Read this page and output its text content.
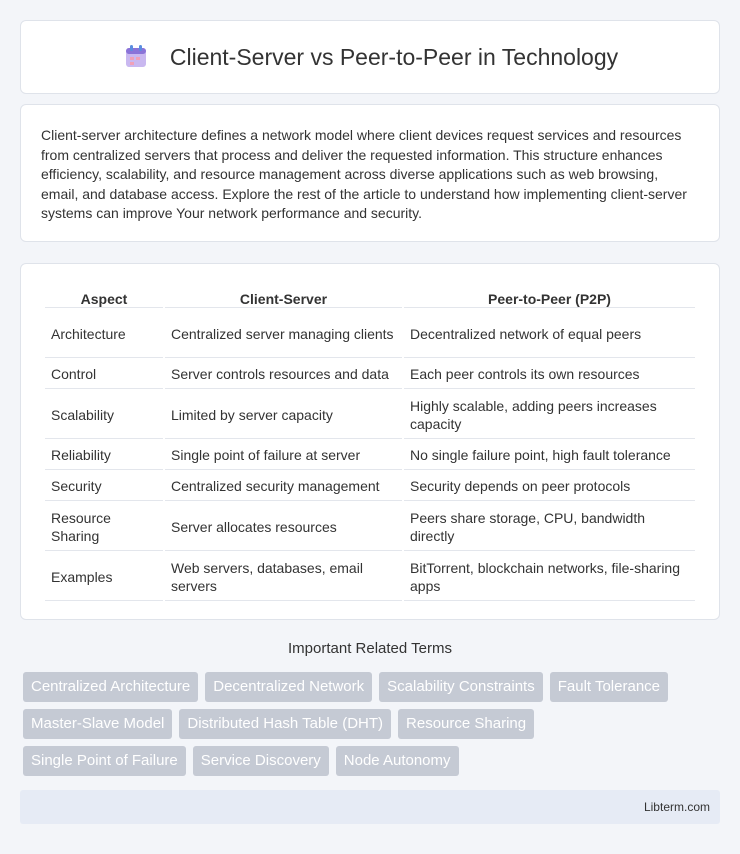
Client-Server vs Peer-to-Peer in Technology

Client-server architecture defines a network model where client devices request services and resources from centralized servers that process and deliver the requested information. This structure enhances efficiency, scalability, and resource management across diverse applications such as web browsing, email, and database access. Explore the rest of the article to understand how implementing client-server systems can improve Your network performance and security.

Aspect	Client-Server	Peer-to-Peer (P2P)
Architecture	Centralized server managing clients	Decentralized network of equal peers
Control	Server controls resources and data	Each peer controls its own resources
Scalability	Limited by server capacity	Highly scalable, adding peers increases capacity
Reliability	Single point of failure at server	No single failure point, high fault tolerance
Security	Centralized security management	Security depends on peer protocols
Resource Sharing	Server allocates resources	Peers share storage, CPU, bandwidth directly
Examples	Web servers, databases, email servers	BitTorrent, blockchain networks, file-sharing apps
Important Related Terms
Centralized Architecture	Decentralized Network	Scalability Constraints	Fault Tolerance
Master-Slave Model	Distributed Hash Table (DHT)	Resource Sharing
Single Point of Failure	Service Discovery	Node Autonomy
Libterm.com
